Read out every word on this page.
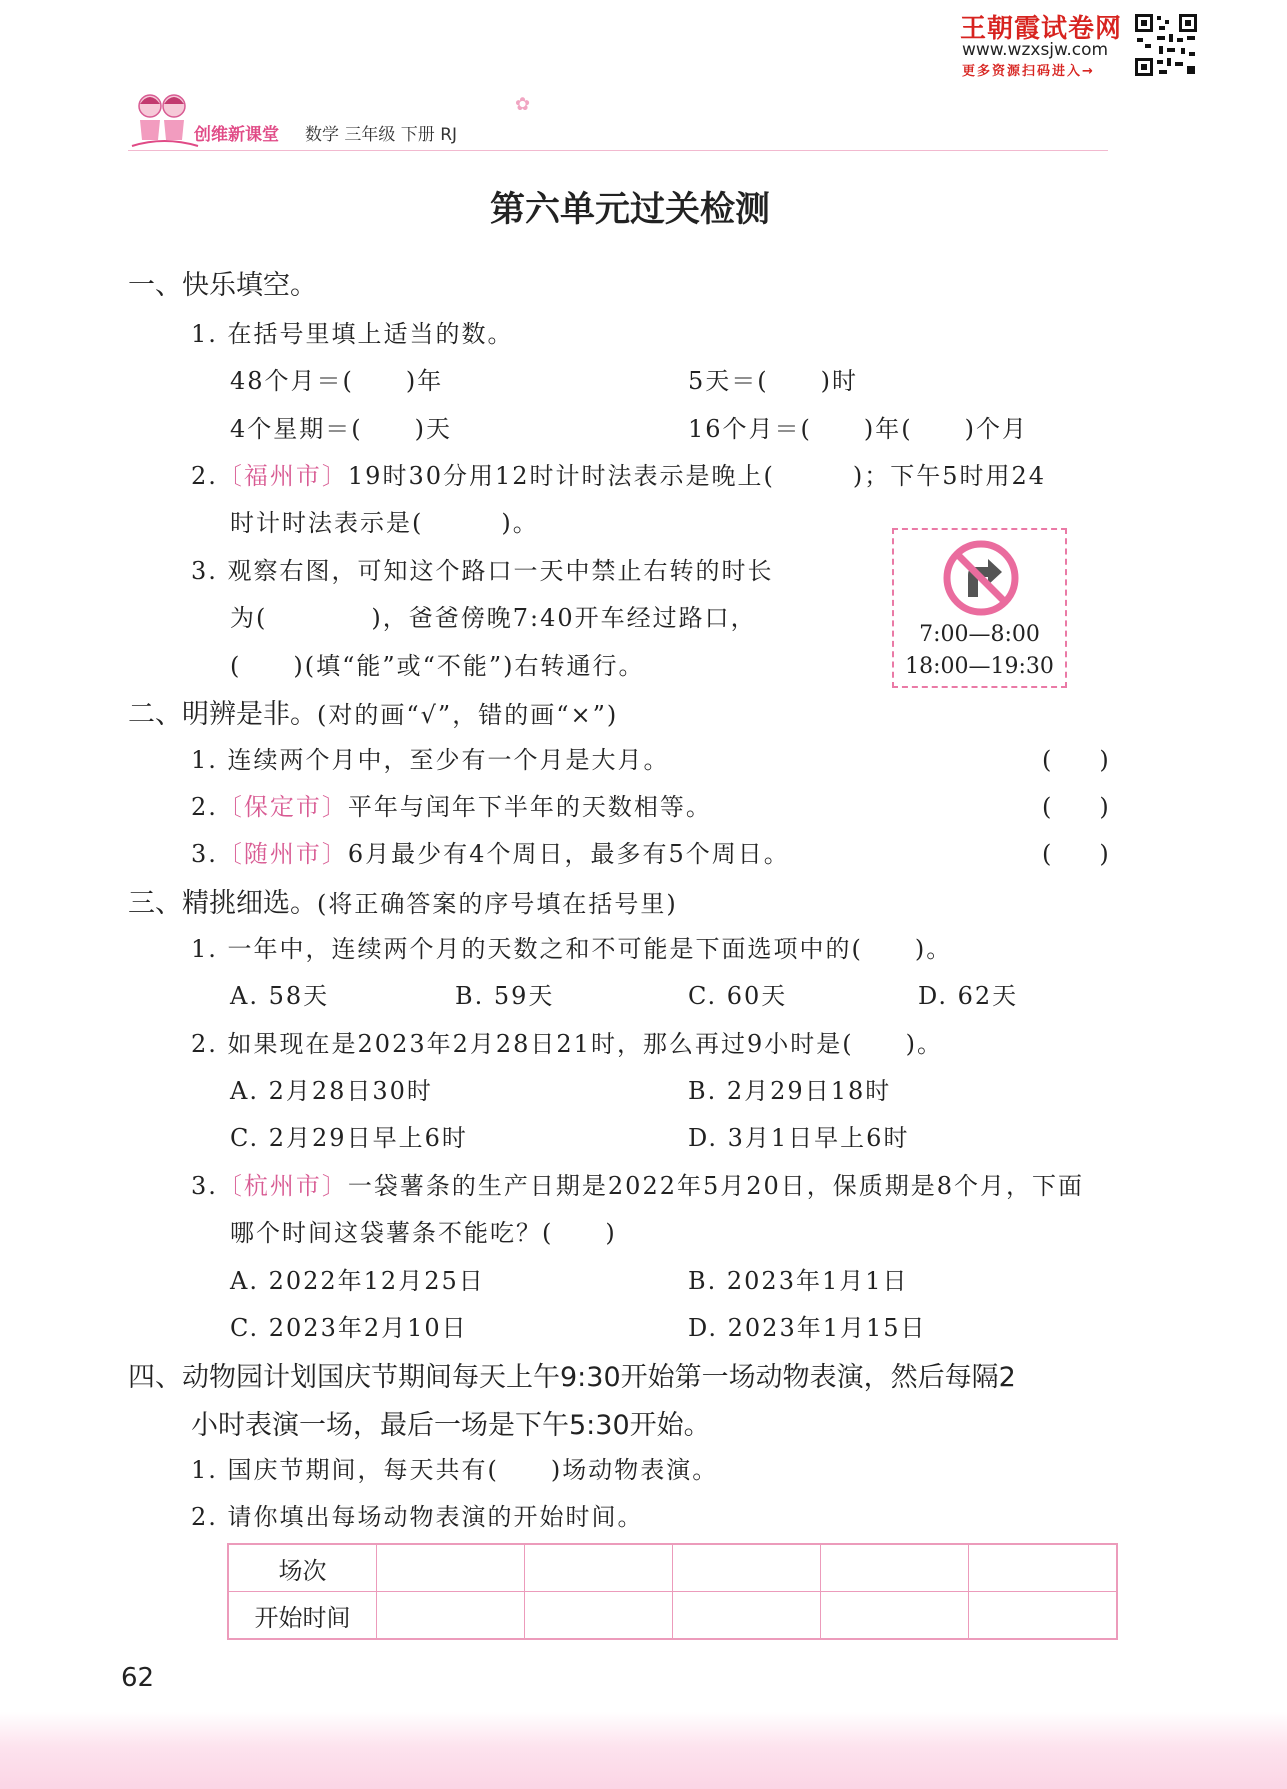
王朝霞试卷网
www.wzxsjw.com
更多资源扫码进入→
✿
创维新课堂 数学 三年级 下册 RJ
第六单元过关检测
一、快乐填空。
1. 在括号里填上适当的数。
48个月＝(　　)年	5天＝(　　)时
4个星期＝(　　)天	16个月＝(　　)年(　　)个月
2.〔福州市〕19时30分用12时计时法表示是晚上(　　　)；下午5时用24
时计时法表示是(　　　)。
3. 观察右图，可知这个路口一天中禁止右转的时长
为(　　　　)，爸爸傍晚7:40开车经过路口，
(　　)(填“能”或“不能”)右转通行。
7:00—8:00
18:00—19:30
二、明辨是非。(对的画“√”，错的画“×”)
1. 连续两个月中，至少有一个月是大月。	(　　)
2.〔保定市〕平年与闰年下半年的天数相等。	(　　)
3.〔随州市〕6月最少有4个周日，最多有5个周日。	(　　)
三、精挑细选。(将正确答案的序号填在括号里)
1. 一年中，连续两个月的天数之和不可能是下面选项中的(　　)。
A. 58天	B. 59天	C. 60天	D. 62天
2. 如果现在是2023年2月28日21时，那么再过9小时是(　　)。
A. 2月28日30时	B. 2月29日18时
C. 2月29日早上6时	D. 3月1日早上6时
3.〔杭州市〕一袋薯条的生产日期是2022年5月20日，保质期是8个月，下面
哪个时间这袋薯条不能吃？(　　)
A. 2022年12月25日	B. 2023年1月1日
C. 2023年2月10日	D. 2023年1月15日
四、动物园计划国庆节期间每天上午9:30开始第一场动物表演，然后每隔2
小时表演一场，最后一场是下午5:30开始。
1. 国庆节期间，每天共有(　　)场动物表演。
2. 请你填出每场动物表演的开始时间。
场次					
开始时间					
62
